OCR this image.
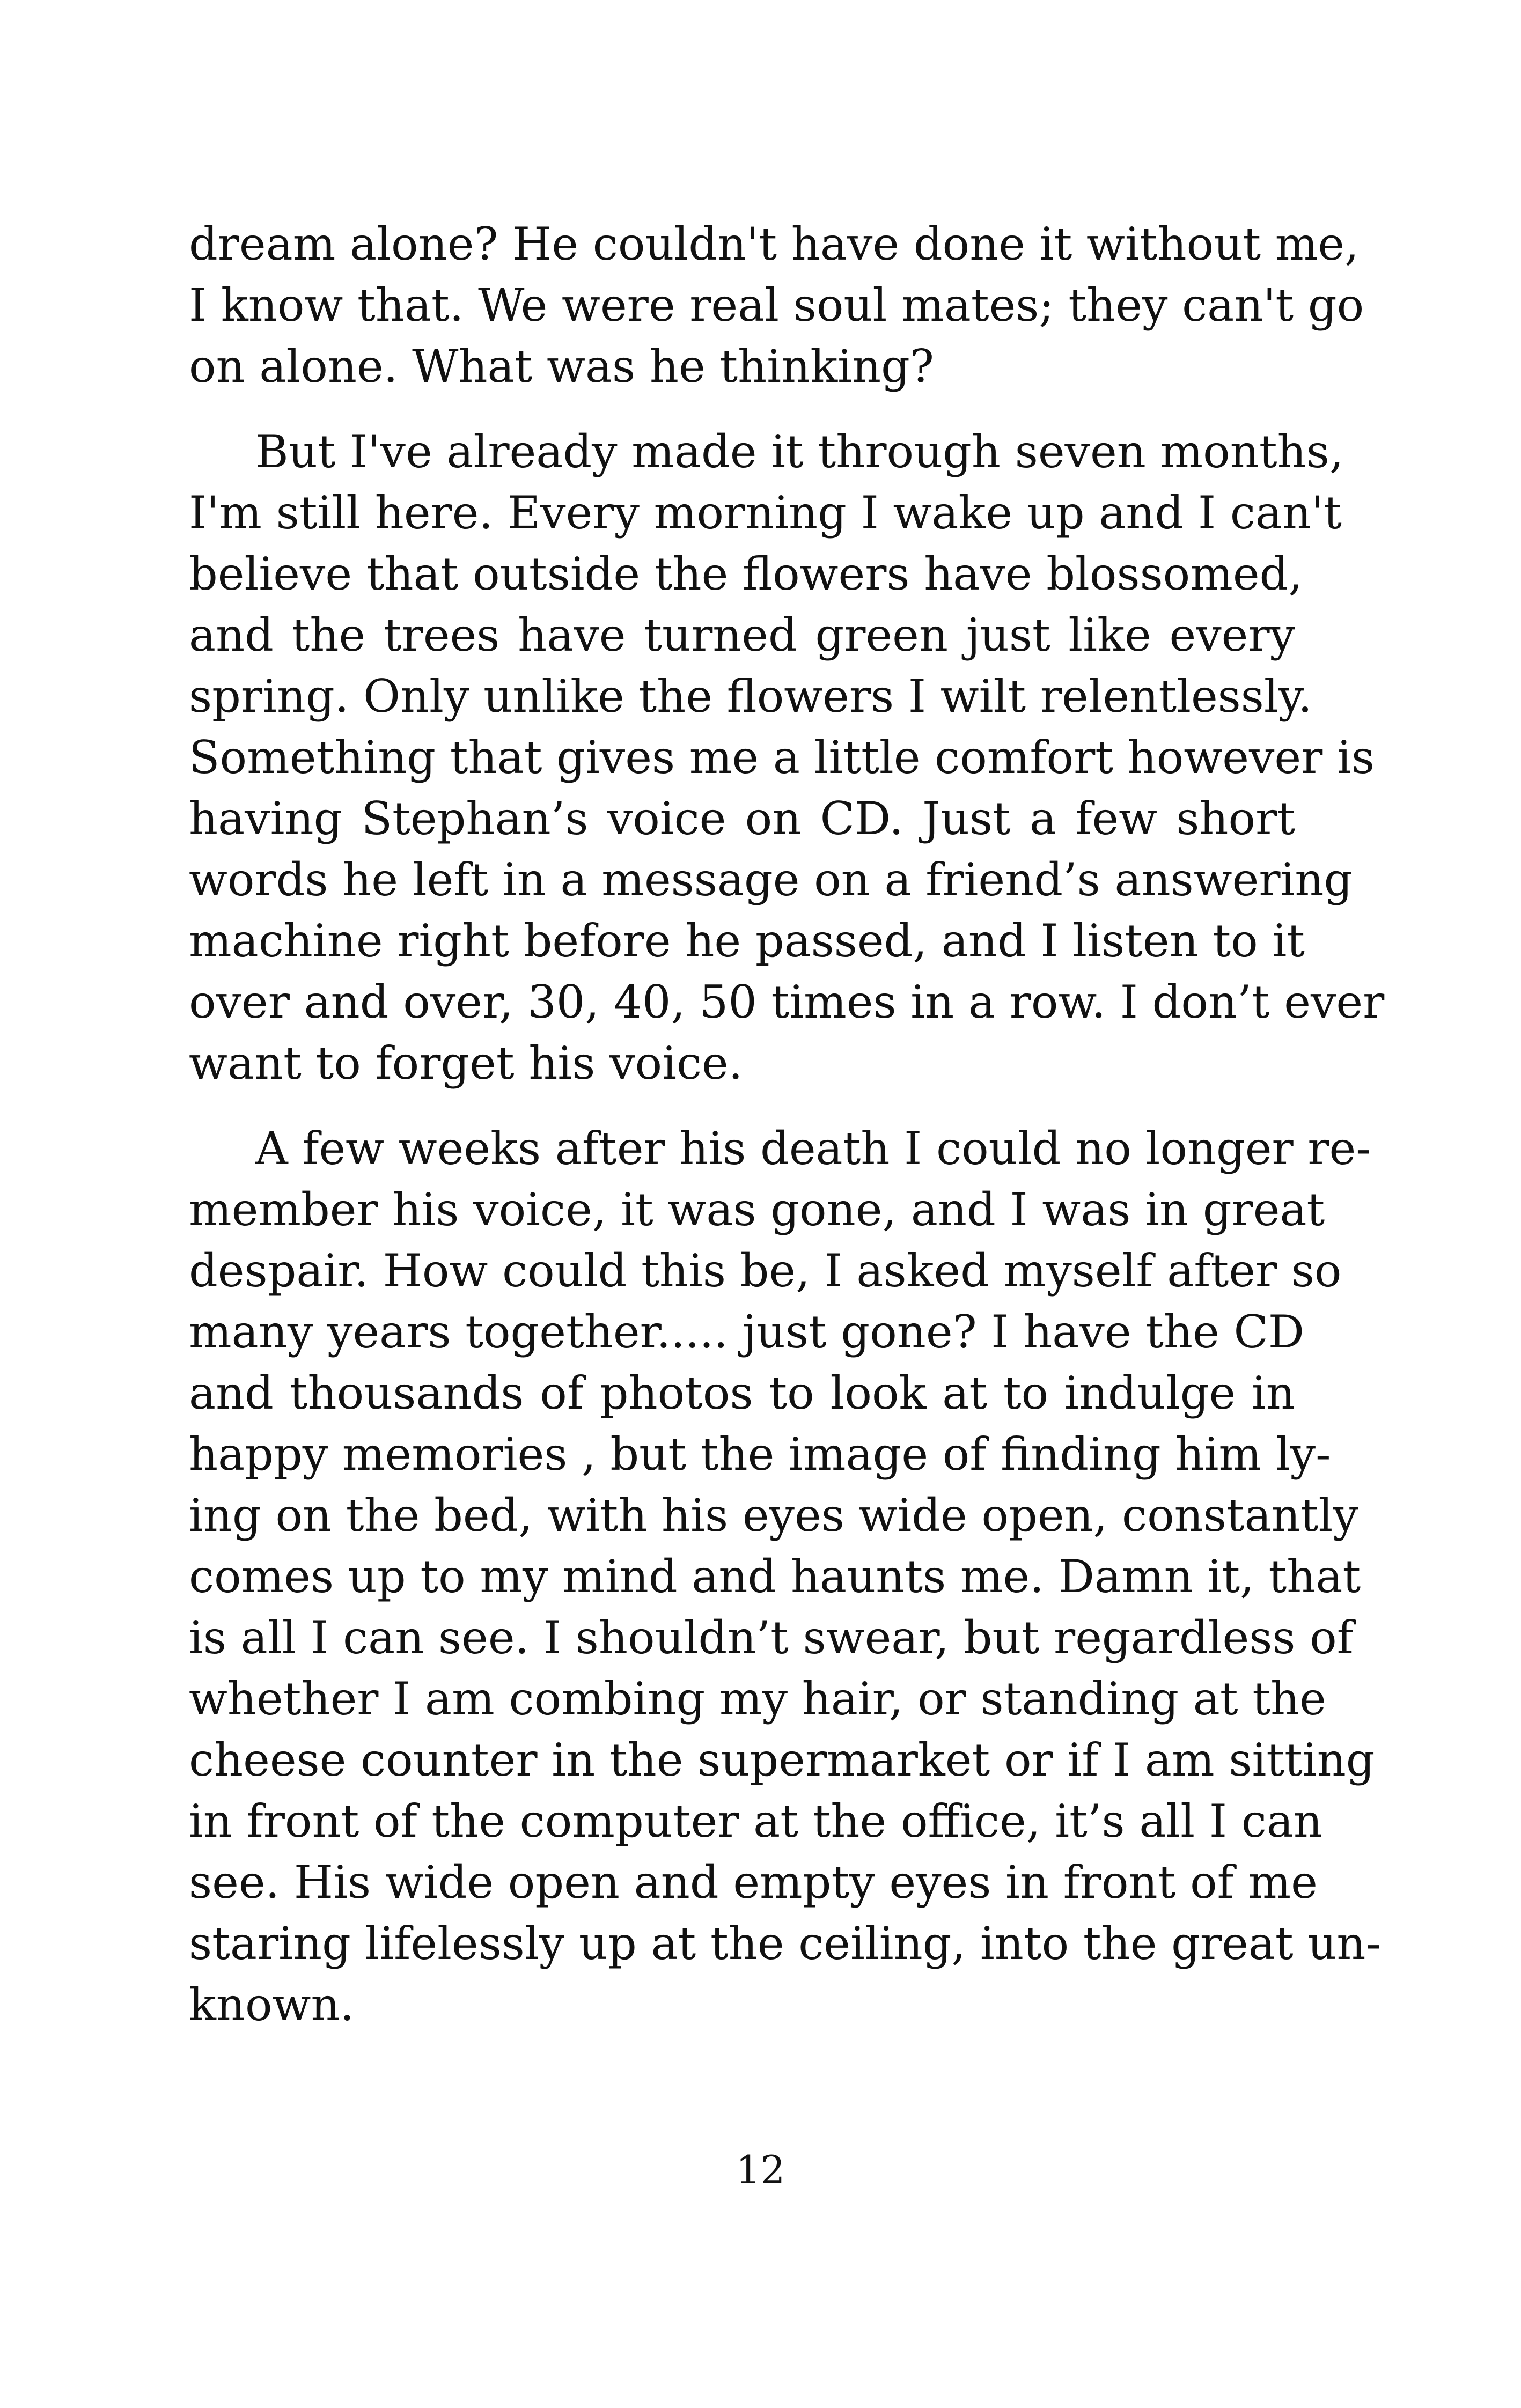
dream alone? He couldn't have done it without me,
I know that. We were real soul mates; they can't go
on alone. What was he thinking?
But I've already made it through seven months,
I'm still here. Every morning I wake up and I can't
believe that outside the flowers have blossomed,
and the trees have turned green just like every
spring. Only unlike the flowers I wilt relentlessly.
Something that gives me a little comfort however is
having Stephan’s voice on CD. Just a few short
words he left in a message on a friend’s answering
machine right before he passed, and I listen to it
over and over, 30, 40, 50 times in a row. I don’t ever
want to forget his voice.
A few weeks after his death I could no longer re-
member his voice, it was gone, and I was in great
despair. How could this be, I asked myself after so
many years together..... just gone? I have the CD
and thousands of photos to look at to indulge in
happy memories , but the image of finding him ly-
ing on the bed, with his eyes wide open, constantly
comes up to my mind and haunts me. Damn it, that
is all I can see. I shouldn’t swear, but regardless of
whether I am combing my hair, or standing at the
cheese counter in the supermarket or if I am sitting
in front of the computer at the office, it’s all I can
see. His wide open and empty eyes in front of me
staring lifelessly up at the ceiling, into the great un-
known.
12
